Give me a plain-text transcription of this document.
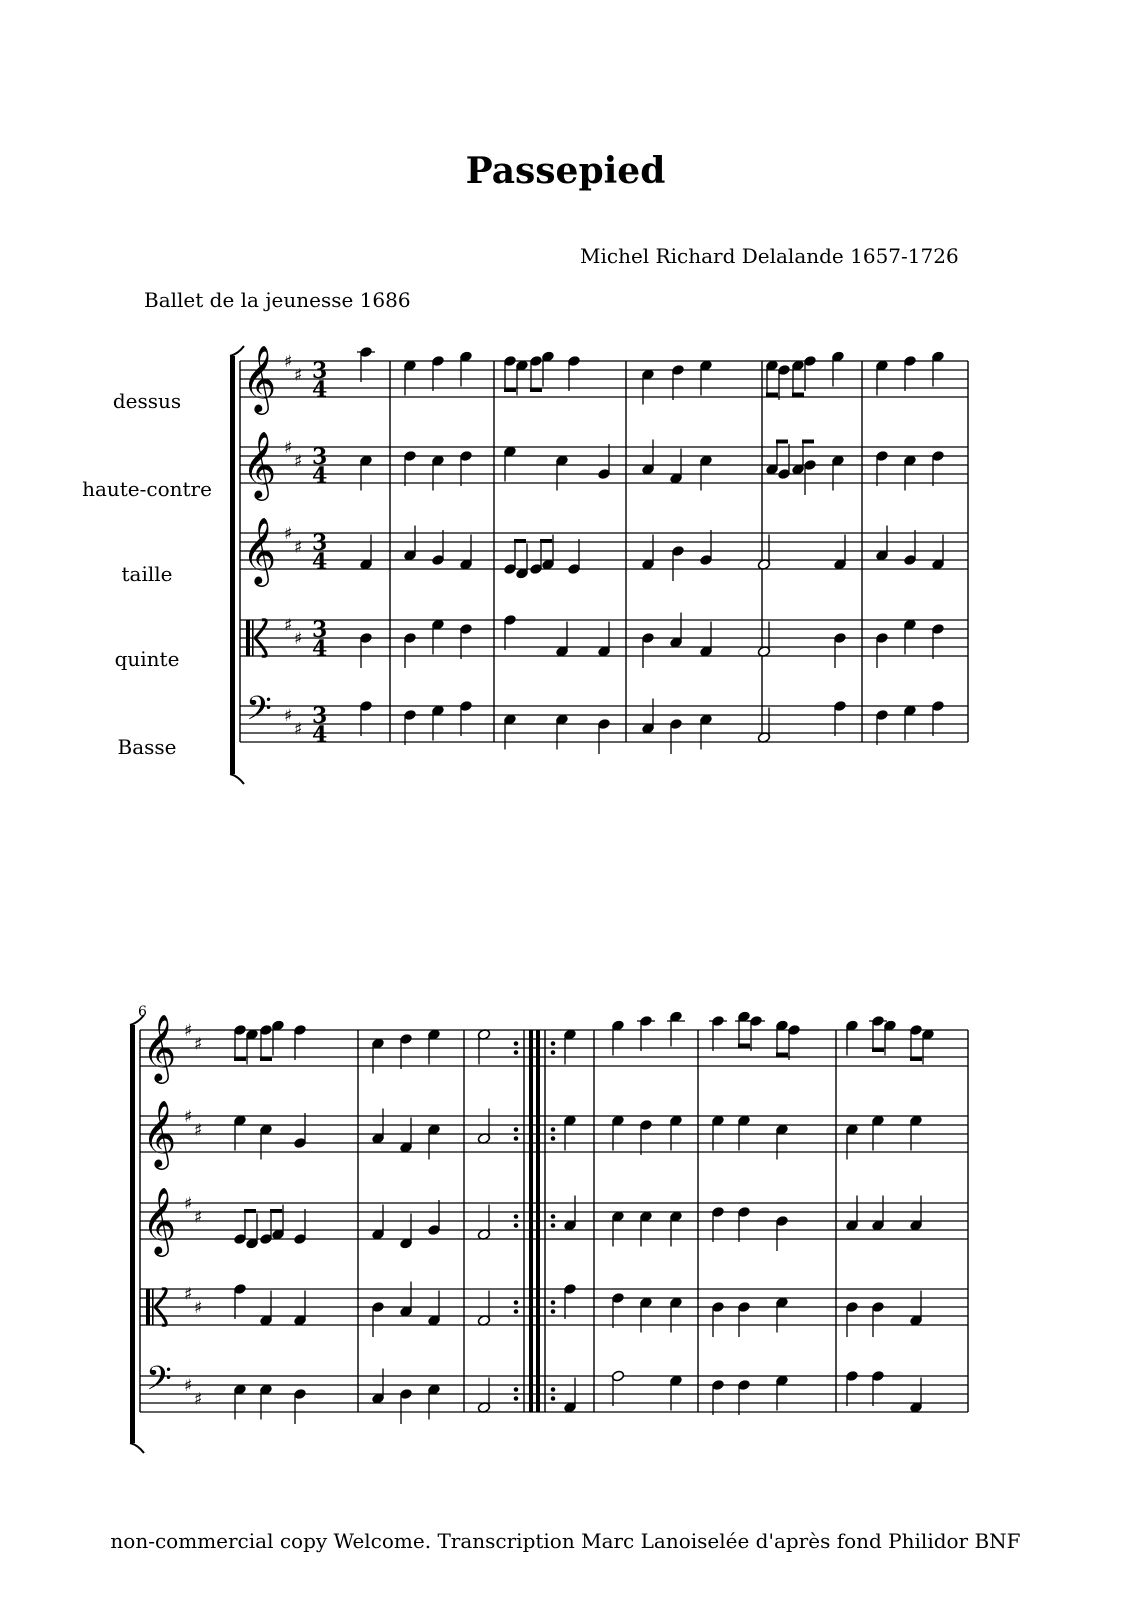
Passepied
Michel Richard Delalande 1657-1726
Ballet de la jeunesse 1686
dessus
haute-contre
taille
quinte
Basse
6
𝄞 ♯
♯ 3
4
𝄞 ♯
♯ 3
4
𝄞 ♯
♯ 3
4
♯
♯ 3
4
𝄢 ♯
♯
3
4
𝄞 ♯
♯
𝄞 ♯
♯
𝄞 ♯
♯
♯
♯
𝄢 ♯
♯
non-commercial copy Welcome. Transcription Marc Lanoiselée d'après fond Philidor BNF
